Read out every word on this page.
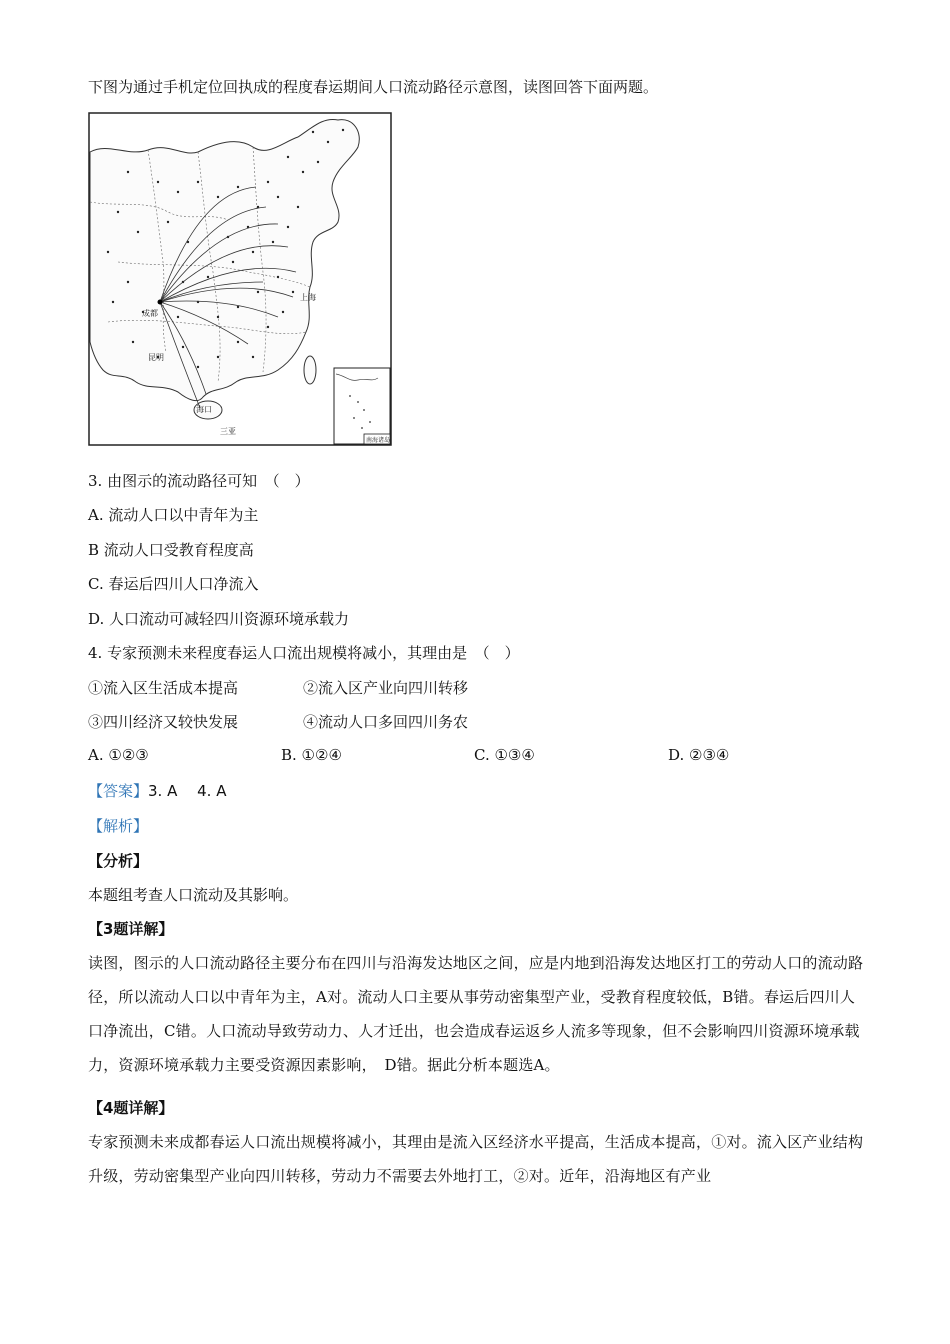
下图为通过手机定位回执成的程度春运期间人口流动路径示意图，读图回答下面两题。
上海
成都
昆明
海口
三亚
南海诸岛
3. 由图示的流动路径可知　（　）
A. 流动人口以中青年为主
B 流动人口受教育程度高
C. 春运后四川人口净流入
D. 人口流动可减轻四川资源环境承载力
4. 专家预测未来程度春运人口流出规模将减小，其理由是　（　）
①流入区生活成本提高	②流入区产业向四川转移
③四川经济又较快发展	④流动人口多回四川务农
A. ①②③	B. ①②④	C. ①③④	D. ②③④
【答案】3. A　 4. A
【解析】
【分析】
本题组考查人口流动及其影响。
【3题详解】
读图，图示的人口流动路径主要分布在四川与沿海发达地区之间，应是内地到沿海发达地区打工的劳动人口的流动路径，所以流动人口以中青年为主，A对。流动人口主要从事劳动密集型产业，受教育程度较低，B错。春运后四川人口净流出，C错。人口流动导致劳动力、人才迁出，也会造成春运返乡人流多等现象，但不会影响四川资源环境承载力，资源环境承载力主要受资源因素影响，　D错。据此分析本题选A。
【4题详解】
专家预测未来成都春运人口流出规模将减小，其理由是流入区经济水平提高，生活成本提高，①对。流入区产业结构升级，劳动密集型产业向四川转移，劳动力不需要去外地打工，②对。近年，沿海地区有产业
